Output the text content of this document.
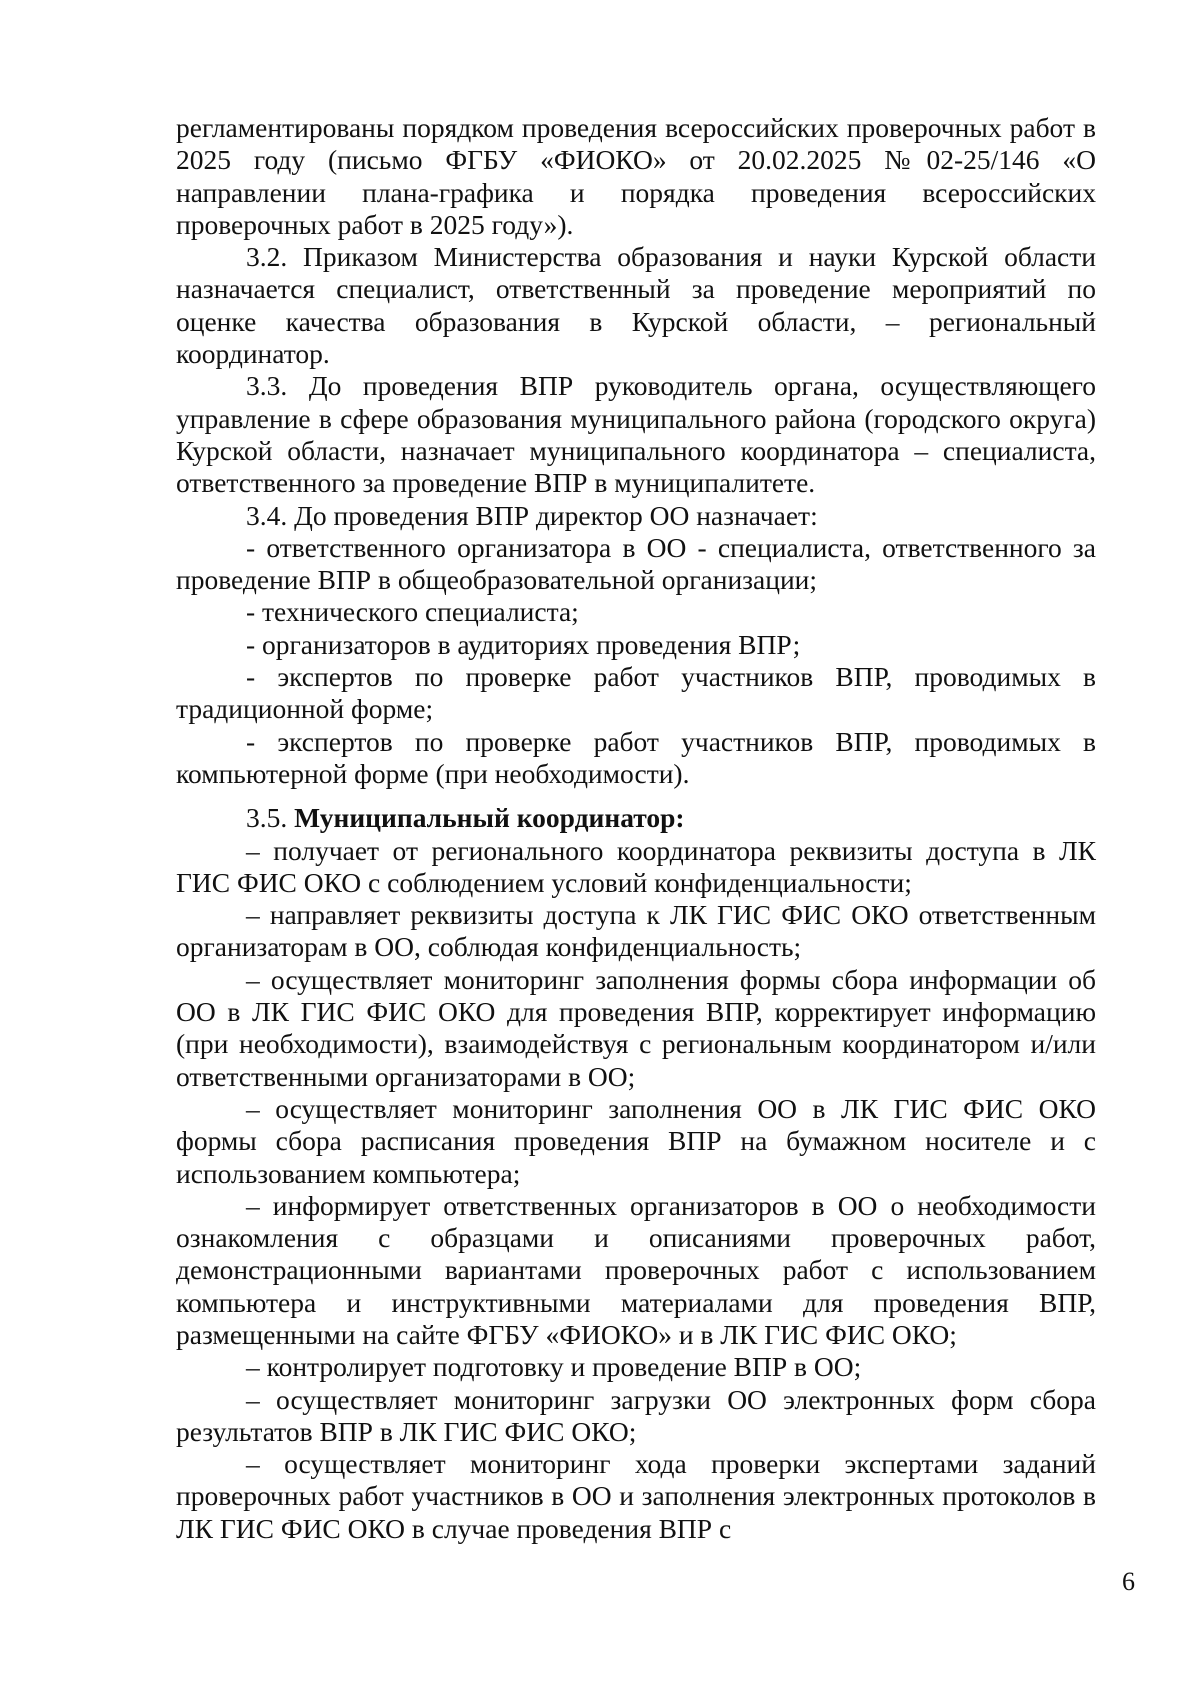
регламентированы порядком проведения всероссийских проверочных работ в 2025 году (письмо ФГБУ «ФИОКО» от 20.02.2025 №02-25/146 «О направлении плана-графика и порядка проведения всероссийских проверочных работ в 2025 году»).

3.2. Приказом Министерства образования и науки Курской области назначается специалист, ответственный за проведение мероприятий по оценке качества образования в Курской области, – региональный координатор.

3.3. До проведения ВПР руководитель органа, осуществляющего управление в сфере образования муниципального района (городского округа) Курской области, назначает муниципального координатора – специалиста, ответственного за проведение ВПР в муниципалитете.

3.4. До проведения ВПР директор ОО назначает:

- ответственного организатора в ОО - специалиста, ответственного за проведение ВПР в общеобразовательной организации;

- технического специалиста;

- организаторов в аудиториях проведения ВПР;

- экспертов по проверке работ участников ВПР, проводимых в традиционной форме;

- экспертов по проверке работ участников ВПР, проводимых в компьютерной форме (при необходимости).

3.5. Муниципальный координатор:

– получает от регионального координатора реквизиты доступа в ЛК ГИС ФИС ОКО с соблюдением условий конфиденциальности;

– направляет реквизиты доступа к ЛК ГИС ФИС ОКО ответственным организаторам в ОО, соблюдая конфиденциальность;

– осуществляет мониторинг заполнения формы сбора информации об ОО в ЛК ГИС ФИС ОКО для проведения ВПР, корректирует информацию (при необходимости), взаимодействуя с региональным координатором и/или ответственными организаторами в ОО;

– осуществляет мониторинг заполнения ОО в ЛК ГИС ФИС ОКО формы сбора расписания проведения ВПР на бумажном носителе и с использованием компьютера;

– информирует ответственных организаторов в ОО о необходимости ознакомления с образцами и описаниями проверочных работ, демонстрационными вариантами проверочных работ с использованием компьютера и инструктивными материалами для проведения ВПР, размещенными на сайте ФГБУ «ФИОКО» и в ЛК ГИС ФИС ОКО;

– контролирует подготовку и проведение ВПР в ОО;

– осуществляет мониторинг загрузки ОО электронных форм сбора результатов ВПР в ЛК ГИС ФИС ОКО;

– осуществляет мониторинг хода проверки экспертами заданий проверочных работ участников в ОО и заполнения электронных протоколов в ЛК ГИС ФИС ОКО в случае проведения ВПР с

6
